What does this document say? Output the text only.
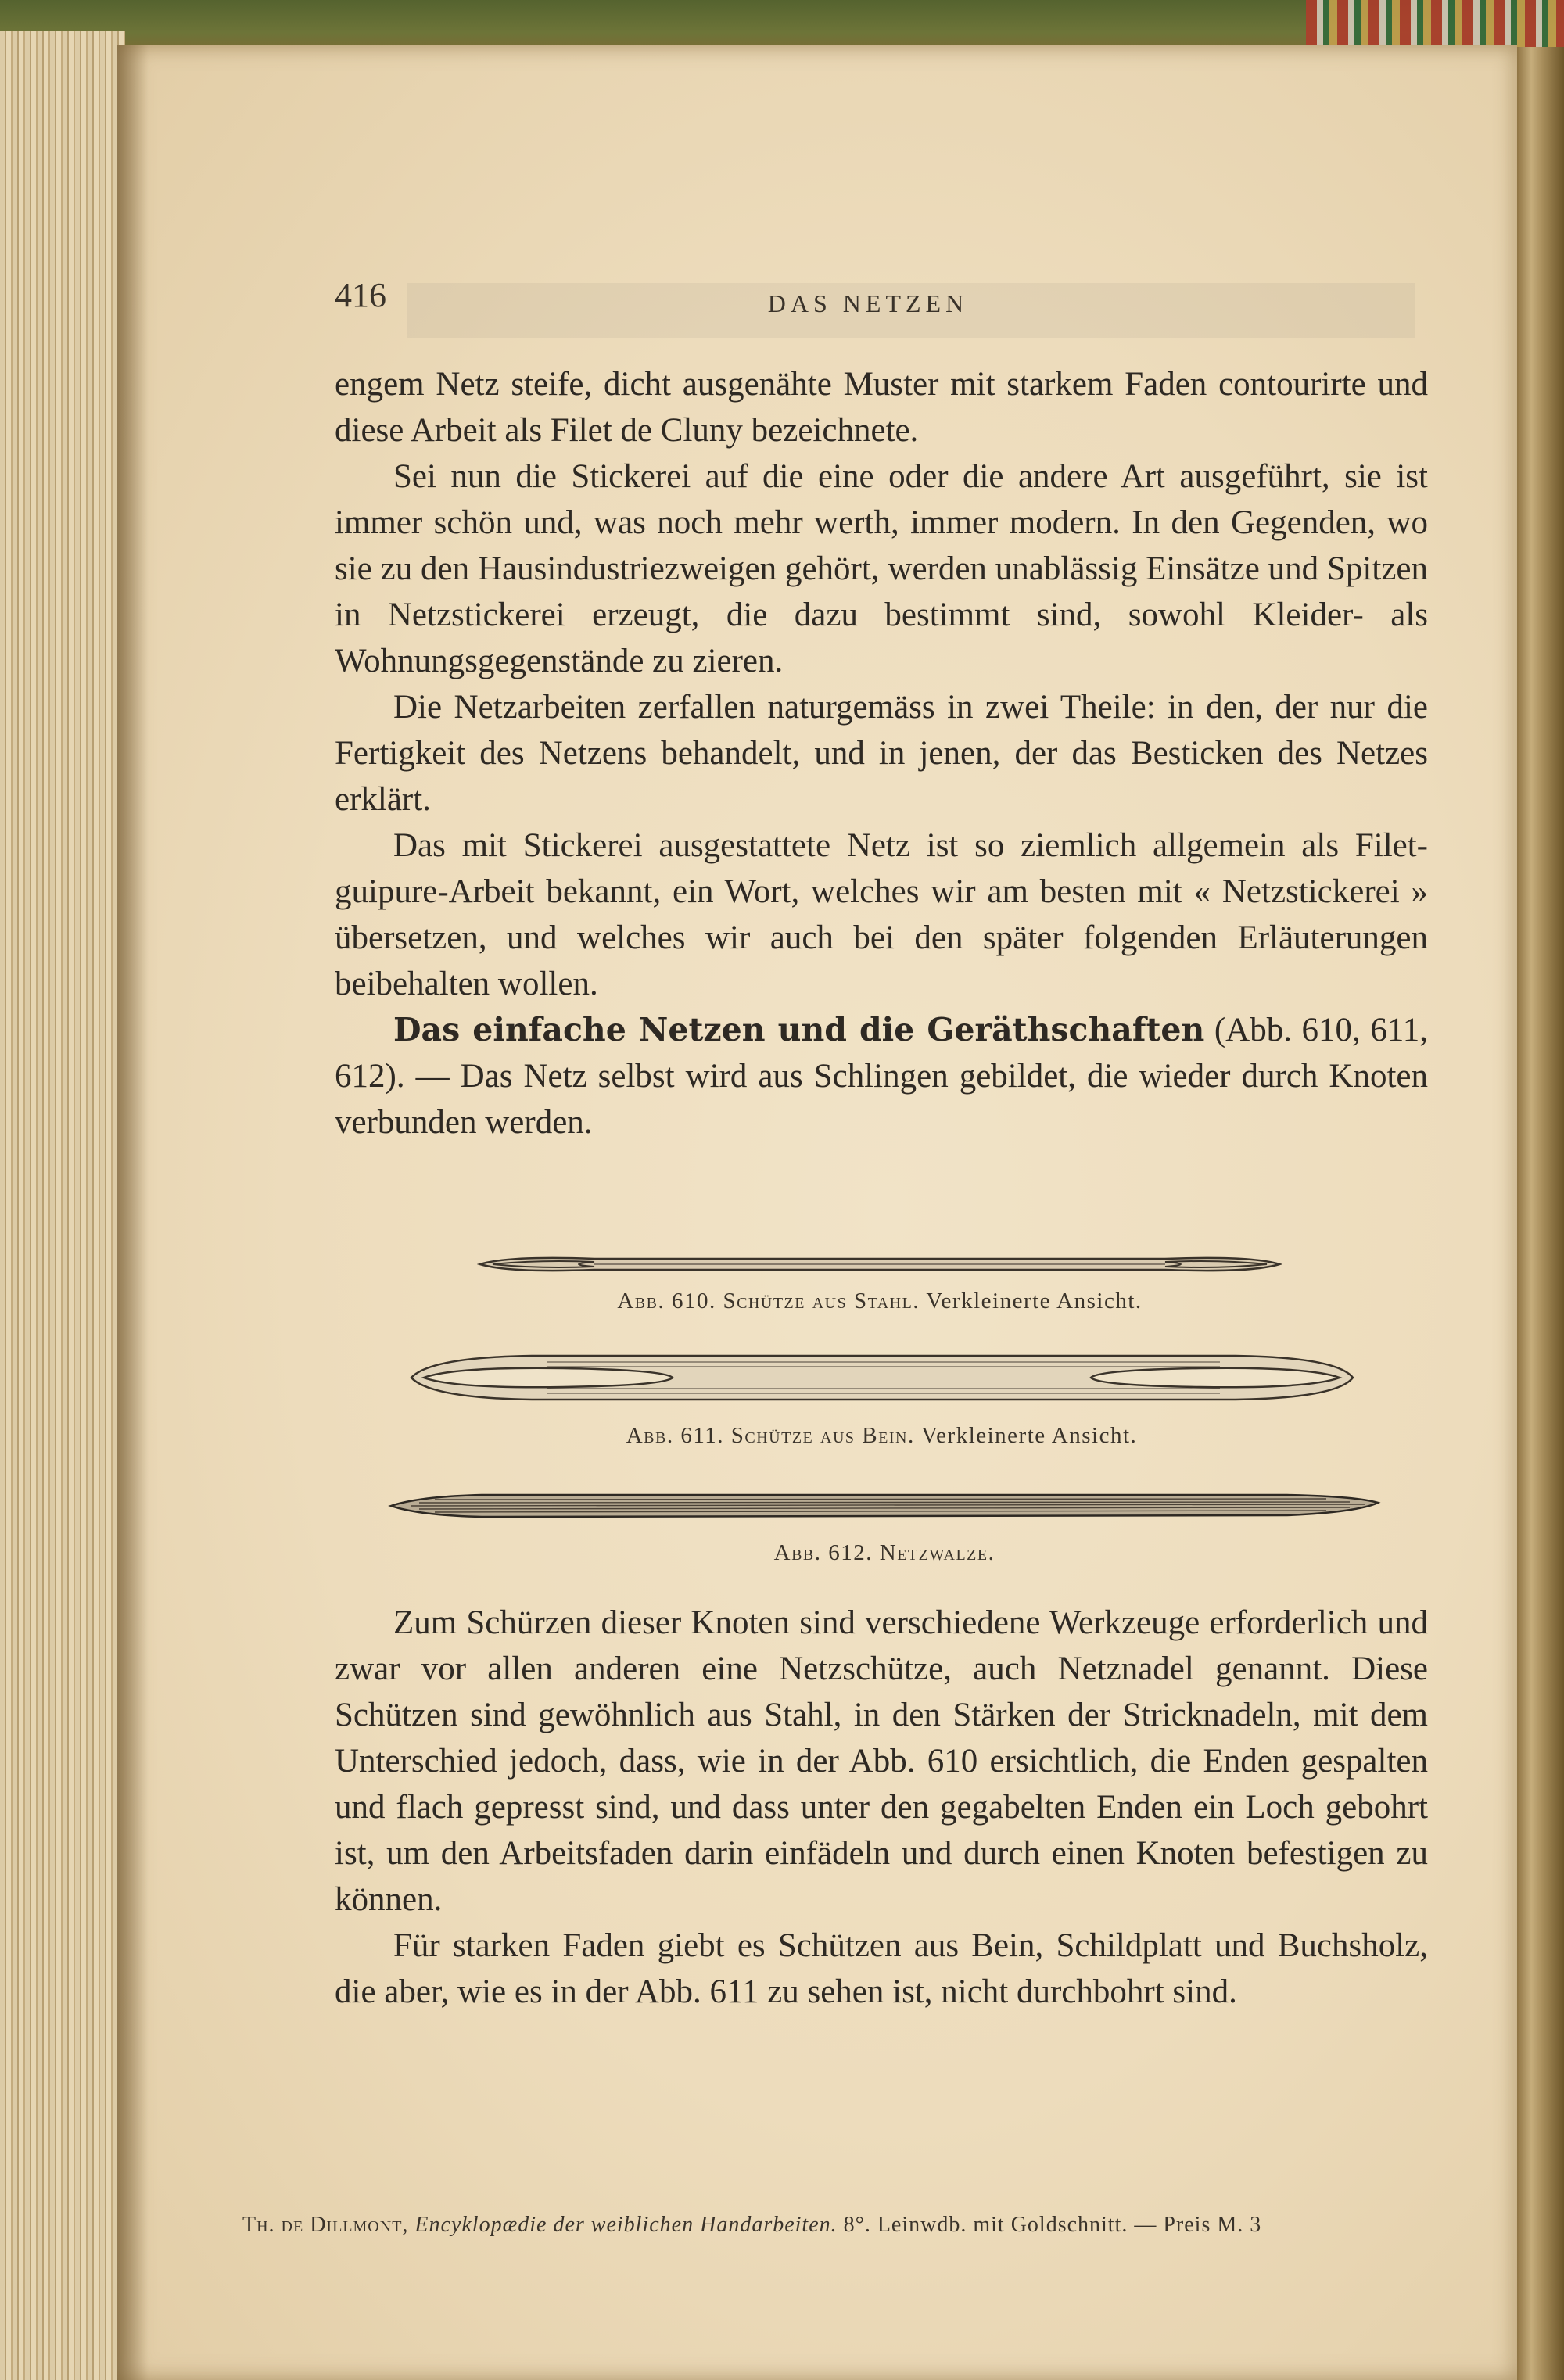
416	DAS NETZEN

engem Netz steife, dicht ausgenähte Muster mit starkem Faden contourirte und diese Arbeit als Filet de Cluny bezeichnete.

Sei nun die Stickerei auf die eine oder die andere Art ausgeführt, sie ist immer schön und, was noch mehr werth, immer modern. In den Gegenden, wo sie zu den Hausindustriezweigen gehört, werden unablässig Einsätze und Spitzen in Netzstickerei erzeugt, die dazu bestimmt sind, sowohl Kleider- als Wohnungsgegenstände zu zieren.

Die Netzarbeiten zerfallen naturgemäss in zwei Theile: in den, der nur die Fertigkeit des Netzens behandelt, und in jenen, der das Besticken des Netzes erklärt.

Das mit Stickerei ausgestattete Netz ist so ziemlich allgemein als Filet-guipure-Arbeit bekannt, ein Wort, welches wir am besten mit « Netzstickerei » übersetzen, und welches wir auch bei den später folgenden Erläuterungen beibehalten wollen.

Das einfache Netzen und die Geräthschaften (Abb. 610, 611, 612). — Das Netz selbst wird aus Schlingen gebildet, die wieder durch Knoten verbunden werden.

Abb. 610. Schütze aus Stahl. Verkleinerte Ansicht.
Abb. 611. Schütze aus Bein. Verkleinerte Ansicht.
Abb. 612. Netzwalze.

Zum Schürzen dieser Knoten sind verschiedene Werkzeuge erforderlich und zwar vor allen anderen eine Netzschütze, auch Netznadel genannt. Diese Schützen sind gewöhnlich aus Stahl, in den Stärken der Stricknadeln, mit dem Unterschied jedoch, dass, wie in der Abb. 610 ersichtlich, die Enden gespalten und flach gepresst sind, und dass unter den gegabelten Enden ein Loch gebohrt ist, um den Arbeitsfaden darin einfädeln und durch einen Knoten befestigen zu können.

Für starken Faden giebt es Schützen aus Bein, Schildplatt und Buchsholz, die aber, wie es in der Abb. 611 zu sehen ist, nicht durchbohrt sind.

Th. de Dillmont, Encyklopædie der weiblichen Handarbeiten. 8°. Leinwdb. mit Goldschnitt. — Preis M. 3
